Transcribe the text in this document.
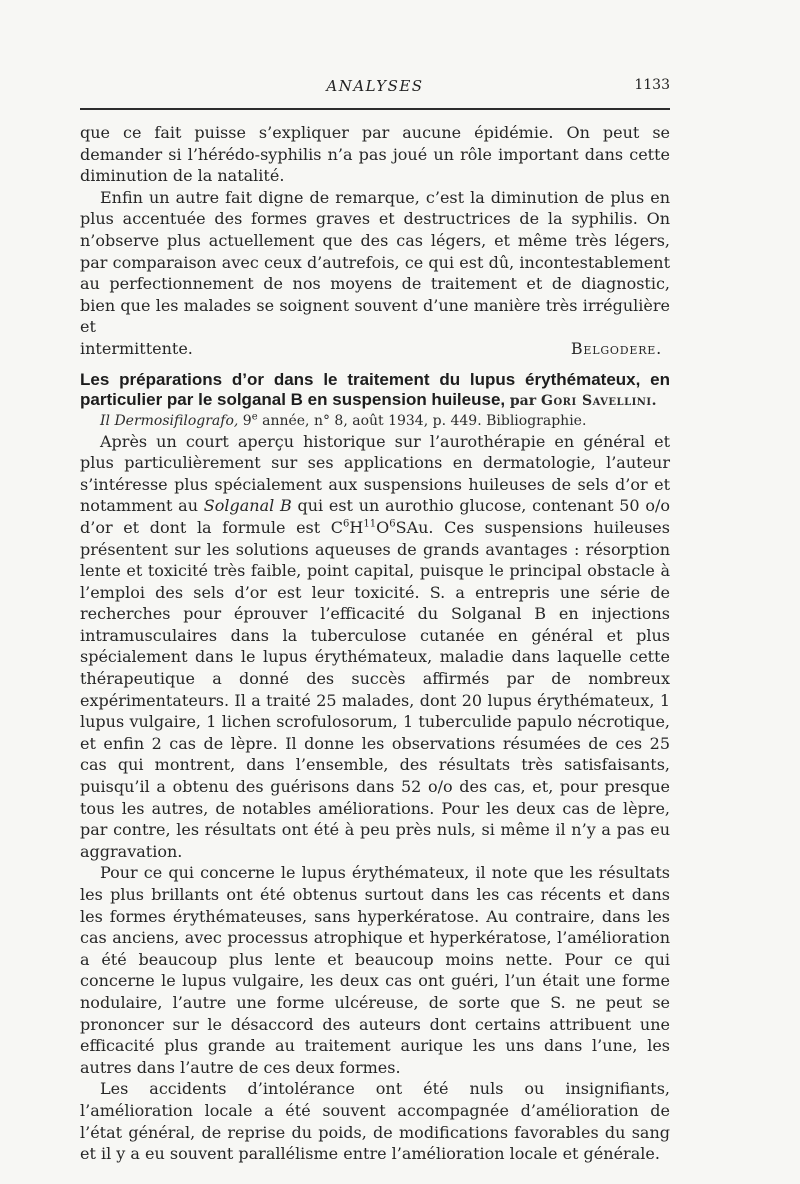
ANALYSES	1133

que ce fait puisse s’expliquer par aucune épidémie. On peut se demander si l’hérédo-syphilis n’a pas joué un rôle important dans cette diminution de la natalité.

Enfin un autre fait digne de remarque, c’est la diminution de plus en plus accentuée des formes graves et destructrices de la syphilis. On n’observe plus actuellement que des cas légers, et même très légers, par comparaison avec ceux d’autrefois, ce qui est dû, incontestablement au perfectionnement de nos moyens de traitement et de diagnostic, bien que les malades se soignent souvent d’une manière très irrégulière et

intermittente.	Belgodere.
Les préparations d’or dans le traitement du lupus érythémateux, en particulier par le solganal B en suspension huileuse, par Gori Savellini.
Il Dermosifilografo, 9e année, n° 8, août 1934, p. 449. Bibliographie.

Après un court aperçu historique sur l’aurothérapie en général et plus particulièrement sur ses applications en dermatologie, l’auteur s’intéresse plus spécialement aux suspensions huileuses de sels d’or et notamment au Solganal B qui est un aurothio glucose, contenant 50 o/o d’or et dont la formule est $C^6H^{11}O^6SAu$. Ces suspensions huileuses présentent sur les solutions aqueuses de grands avantages : résorption lente et toxicité très faible, point capital, puisque le principal obstacle à l’emploi des sels d’or est leur toxicité. S. a entrepris une série de recherches pour éprouver l’efficacité du Solganal B en injections intramusculaires dans la tuberculose cutanée en général et plus spécialement dans le lupus érythémateux, maladie dans laquelle cette thérapeutique a donné des succès affirmés par de nombreux expérimentateurs. Il a traité 25 malades, dont 20 lupus érythémateux, 1 lupus vulgaire, 1 lichen scrofulosorum, 1 tuberculide papulo nécrotique, et enfin 2 cas de lèpre. Il donne les observations résumées de ces 25 cas qui montrent, dans l’ensemble, des résultats très satisfaisants, puisqu’il a obtenu des guérisons dans 52 o/o des cas, et, pour presque tous les autres, de notables améliorations. Pour les deux cas de lèpre, par contre, les résultats ont été à peu près nuls, si même il n’y a pas eu aggravation.

Pour ce qui concerne le lupus érythémateux, il note que les résultats les plus brillants ont été obtenus surtout dans les cas récents et dans les formes érythémateuses, sans hyperkératose. Au contraire, dans les cas anciens, avec processus atrophique et hyperkératose, l’amélioration a été beaucoup plus lente et beaucoup moins nette. Pour ce qui concerne le lupus vulgaire, les deux cas ont guéri, l’un était une forme nodulaire, l’autre une forme ulcéreuse, de sorte que S. ne peut se prononcer sur le désaccord des auteurs dont certains attribuent une efficacité plus grande au traitement aurique les uns dans l’une, les autres dans l’autre de ces deux formes.

Les accidents d’intolérance ont été nuls ou insignifiants, l’amélioration locale a été souvent accompagnée d’amélioration de l’état général, de reprise du poids, de modifications favorables du sang et il y a eu souvent parallélisme entre l’amélioration locale et générale.
